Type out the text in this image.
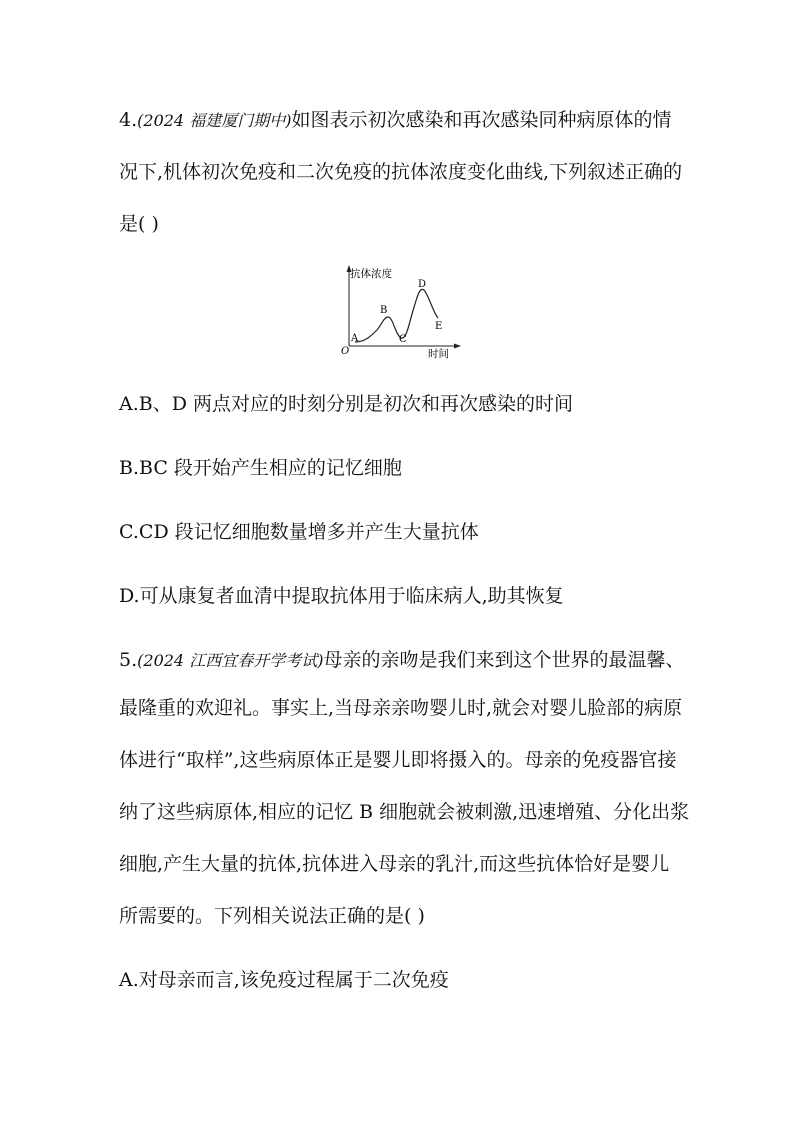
4.(2024 福建厦门期中)如图表示初次感染和再次感染同种病原体的情
况下,机体初次免疫和二次免疫的抗体浓度变化曲线,下列叙述正确的
是( )
抗体浓度
时间
O
A
B
C
D
E
A.B、D 两点对应的时刻分别是初次和再次感染的时间
B.BC 段开始产生相应的记忆细胞
C.CD 段记忆细胞数量增多并产生大量抗体
D.可从康复者血清中提取抗体用于临床病人,助其恢复
5.(2024 江西宜春开学考试)母亲的亲吻是我们来到这个世界的最温馨、
最隆重的欢迎礼。事实上,当母亲亲吻婴儿时,就会对婴儿脸部的病原
体进行“取样”,这些病原体正是婴儿即将摄入的。母亲的免疫器官接
纳了这些病原体,相应的记忆 B 细胞就会被刺激,迅速增殖、分化出浆
细胞,产生大量的抗体,抗体进入母亲的乳汁,而这些抗体恰好是婴儿
所需要的。下列相关说法正确的是( )
A.对母亲而言,该免疫过程属于二次免疫
